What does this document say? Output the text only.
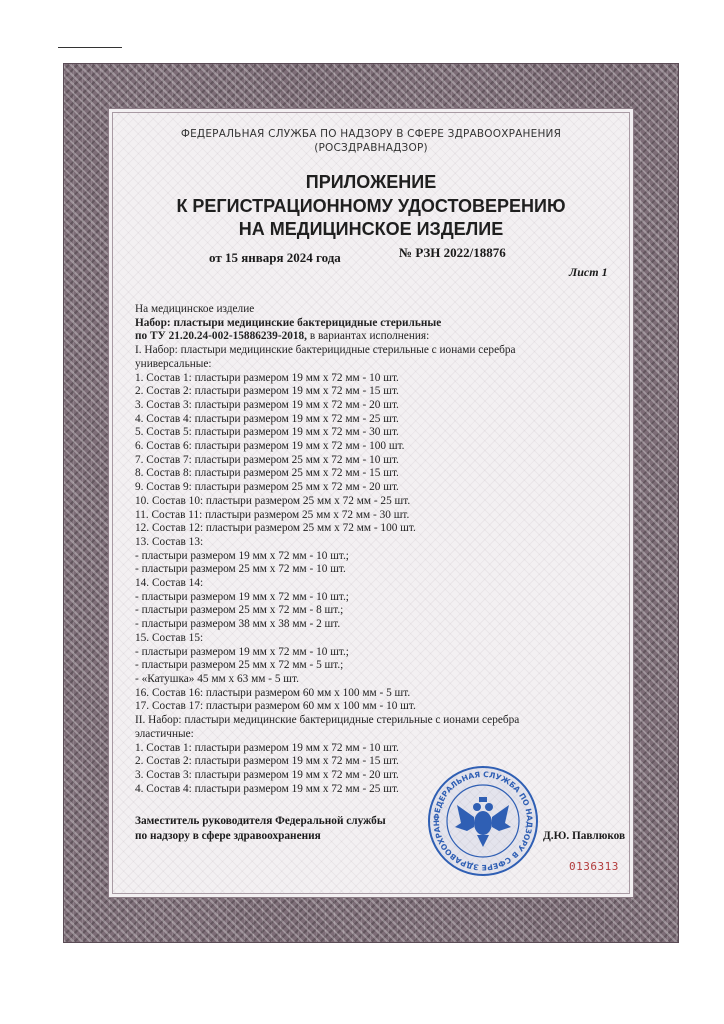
ФЕДЕРАЛЬНАЯ СЛУЖБА ПО НАДЗОРУ В СФЕРЕ ЗДРАВООХРАНЕНИЯ

(РОСЗДРАВНАДЗОР)

ПРИЛОЖЕНИЕ

К РЕГИСТРАЦИОННОМУ УДОСТОВЕРЕНИЮ

НА МЕДИЦИНСКОЕ ИЗДЕЛИЕ

от 15 января 2024 года	№ РЗН 2022/18876

Лист 1

На медицинское изделие
Набор: пластыри медицинские бактерицидные стерильные
по ТУ 21.20.24-002-15886239-2018, в вариантах исполнения:
I. Набор: пластыри медицинские бактерицидные стерильные с ионами серебра
универсальные:
1. Состав 1: пластыри размером 19 мм х 72 мм - 10 шт.
2. Состав 2: пластыри размером 19 мм х 72 мм - 15 шт.
3. Состав 3: пластыри размером 19 мм х 72 мм - 20 шт.
4. Состав 4: пластыри размером 19 мм х 72 мм - 25 шт.
5. Состав 5: пластыри размером 19 мм х 72 мм - 30 шт.
6. Состав 6: пластыри размером 19 мм х 72 мм - 100 шт.
7. Состав 7: пластыри размером 25 мм х 72 мм - 10 шт.
8. Состав 8: пластыри размером 25 мм х 72 мм - 15 шт.
9. Состав 9: пластыри размером 25 мм х 72 мм - 20 шт.
10. Состав 10: пластыри размером 25 мм х 72 мм - 25 шт.
11. Состав 11: пластыри размером 25 мм х 72 мм - 30 шт.
12. Состав 12: пластыри размером 25 мм х 72 мм - 100 шт.
13. Состав 13:
- пластыри размером 19 мм х 72 мм - 10 шт.;
- пластыри размером 25 мм х 72 мм - 10 шт.
14. Состав 14:
- пластыри размером 19 мм х 72 мм - 10 шт.;
- пластыри размером 25 мм х 72 мм - 8 шт.;
- пластыри размером 38 мм х 38 мм - 2 шт.
15. Состав 15:
- пластыри размером 19 мм х 72 мм - 10 шт.;
- пластыри размером 25 мм х 72 мм - 5 шт.;
- «Катушка» 45 мм х 63 мм - 5 шт.
16. Состав 16: пластыри размером 60 мм х 100 мм - 5 шт.
17. Состав 17: пластыри размером 60 мм х 100 мм - 10 шт.
II. Набор: пластыри медицинские бактерицидные стерильные с ионами серебра
эластичные:
1. Состав 1: пластыри размером 19 мм х 72 мм - 10 шт.
2. Состав 2: пластыри размером 19 мм х 72 мм - 15 шт.
3. Состав 3: пластыри размером 19 мм х 72 мм - 20 шт.
4. Состав 4: пластыри размером 19 мм х 72 мм - 25 шт.
ФЕДЕРАЛЬНАЯ СЛУЖБА ПО НАДЗОРУ В СФЕРЕ ЗДРАВООХРАН
Заместитель руководителя Федеральной службы
по надзору в сфере здравоохранения	Д.Ю. Павлюков
0136313
